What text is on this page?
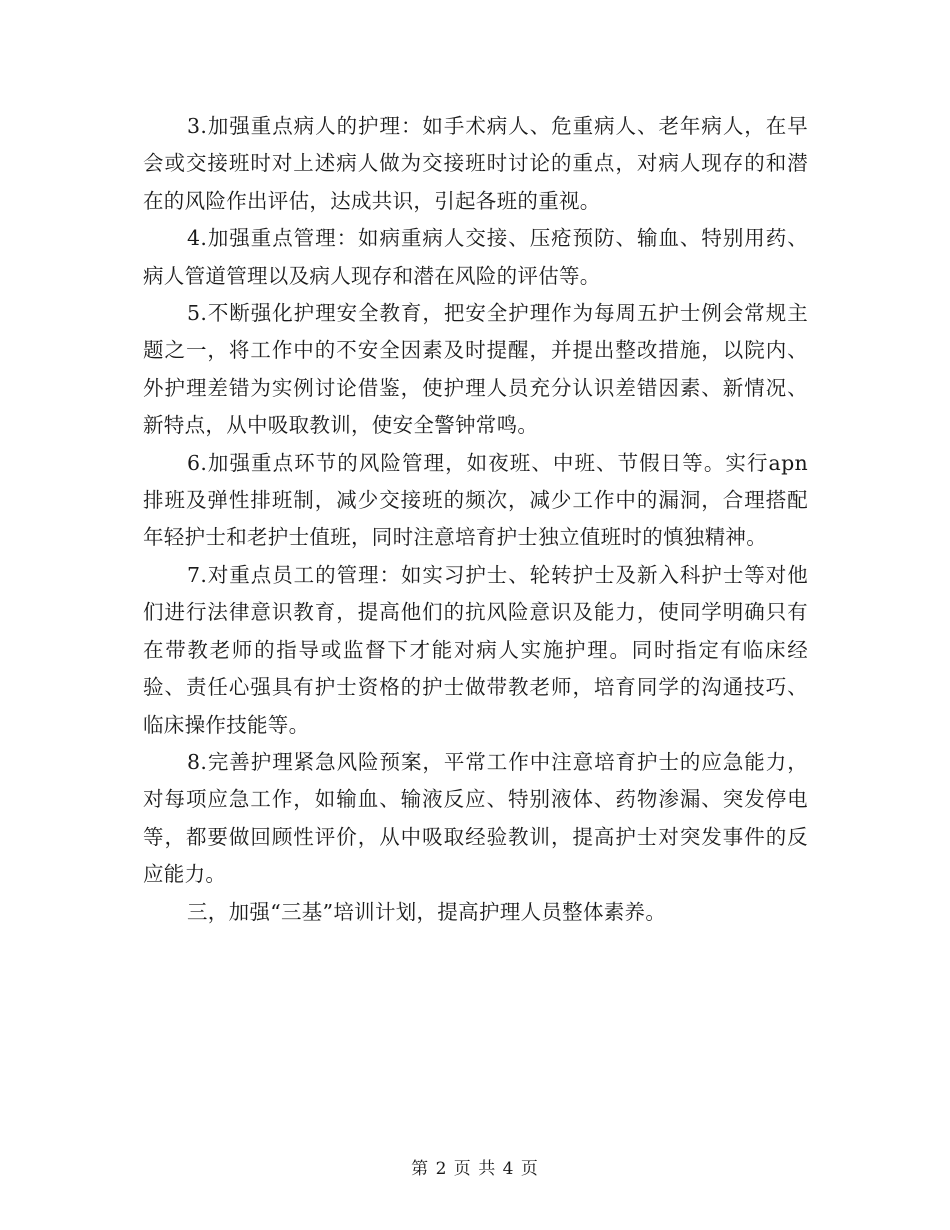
3.加强重点病人的护理：如手术病人、危重病人、老年病人，在早会或交接班时对上述病人做为交接班时讨论的重点，对病人现存的和潜在的风险作出评估，达成共识，引起各班的重视。

4.加强重点管理：如病重病人交接、压疮预防、输血、特别用药、病人管道管理以及病人现存和潜在风险的评估等。

5.不断强化护理安全教育，把安全护理作为每周五护士例会常规主题之一，将工作中的不安全因素及时提醒，并提出整改措施，以院内、外护理差错为实例讨论借鉴，使护理人员充分认识差错因素、新情况、新特点，从中吸取教训，使安全警钟常鸣。

6.加强重点环节的风险管理，如夜班、中班、节假日等。实行apn排班及弹性排班制，减少交接班的频次，减少工作中的漏洞，合理搭配年轻护士和老护士值班，同时注意培育护士独立值班时的慎独精神。

7.对重点员工的管理：如实习护士、轮转护士及新入科护士等对他们进行法律意识教育，提高他们的抗风险意识及能力，使同学明确只有在带教老师的指导或监督下才能对病人实施护理。同时指定有临床经验、责任心强具有护士资格的护士做带教老师，培育同学的沟通技巧、临床操作技能等。

8.完善护理紧急风险预案，平常工作中注意培育护士的应急能力，对每项应急工作，如输血、输液反应、特别液体、药物渗漏、突发停电等，都要做回顾性评价，从中吸取经验教训，提高护士对突发事件的反应能力。

三，加强“三基”培训计划，提高护理人员整体素养。

第 2 页 共 4 页
